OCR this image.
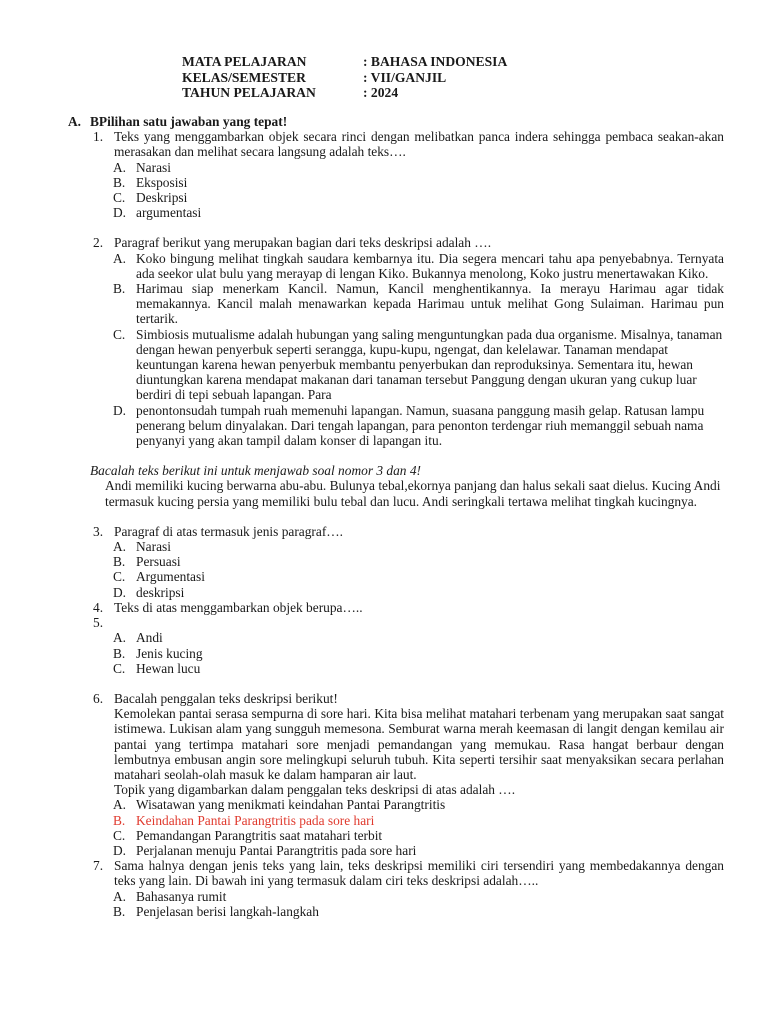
MATA PELAJARAN	: BAHASA INDONESIA
KELAS/SEMESTER	: VII/GANJIL
TAHUN PELAJARAN	: 2024
A. BPilihan satu jawaban yang tepat!
1. Teks yang menggambarkan objek secara rinci dengan melibatkan panca indera sehingga pembaca seakan-akan merasakan dan melihat secara langsung adalah teks….
A. Narasi
B. Eksposisi
C. Deskripsi
D. argumentasi
2. Paragraf berikut yang merupakan bagian dari teks deskripsi adalah ….
A. Koko bingung melihat tingkah saudara kembarnya itu. Dia segera mencari tahu apa penyebabnya. Ternyata ada seekor ulat bulu yang merayap di lengan Kiko. Bukannya menolong, Koko justru menertawakan Kiko.
B. Harimau siap menerkam Kancil. Namun, Kancil menghentikannya. Ia merayu Harimau agar tidak memakannya. Kancil malah menawarkan kepada Harimau untuk melihat Gong Sulaiman. Harimau pun tertarik.
C. Simbiosis mutualisme adalah hubungan yang saling menguntungkan pada dua organisme. Misalnya, tanaman dengan hewan penyerbuk seperti serangga, kupu-kupu, ngengat, dan kelelawar. Tanaman mendapat keuntungan karena hewan penyerbuk membantu penyerbukan dan reproduksinya. Sementara itu, hewan diuntungkan karena mendapat makanan dari tanaman tersebut Panggung dengan ukuran yang cukup luar berdiri di tepi sebuah lapangan. Para
D. penontonsudah tumpah ruah memenuhi lapangan. Namun, suasana panggung masih gelap. Ratusan lampu penerang belum dinyalakan. Dari tengah lapangan, para penonton terdengar riuh memanggil sebuah nama penyanyi yang akan tampil dalam konser di lapangan itu.
Bacalah teks berikut ini untuk menjawab soal nomor 3 dan 4!
Andi memiliki kucing berwarna abu-abu. Bulunya tebal,ekornya panjang dan halus sekali saat dielus. Kucing Andi termasuk kucing persia yang memiliki bulu tebal dan lucu. Andi seringkali tertawa melihat tingkah kucingnya.
3. Paragraf di atas termasuk jenis paragraf….
A. Narasi
B. Persuasi
C. Argumentasi
D. deskripsi
4. Teks di atas menggambarkan objek berupa…..
5.

A. Andi
B. Jenis kucing
C. Hewan lucu
6. Bacalah penggalan teks deskripsi berikut!
Kemolekan pantai serasa sempurna di sore hari. Kita bisa melihat matahari terbenam yang merupakan saat sangat istimewa. Lukisan alam yang sungguh memesona. Semburat warna merah keemasan di langit dengan kemilau air pantai yang tertimpa matahari sore menjadi pemandangan yang memukau. Rasa hangat berbaur dengan lembutnya embusan angin sore melingkupi seluruh tubuh. Kita seperti tersihir saat menyaksikan secara perlahan matahari seolah-olah masuk ke dalam hamparan air laut.
Topik yang digambarkan dalam penggalan teks deskripsi di atas adalah ….
A. Wisatawan yang menikmati keindahan Pantai Parangtritis
B. Keindahan Pantai Parangtritis pada sore hari
C. Pemandangan Parangtritis saat matahari terbit
D. Perjalanan menuju Pantai Parangtritis pada sore hari
7. Sama halnya dengan jenis teks yang lain, teks deskripsi memiliki ciri tersendiri yang membedakannya dengan teks yang lain. Di bawah ini yang termasuk dalam ciri teks deskripsi adalah…..
A. Bahasanya rumit
B. Penjelasan berisi langkah-langkah
